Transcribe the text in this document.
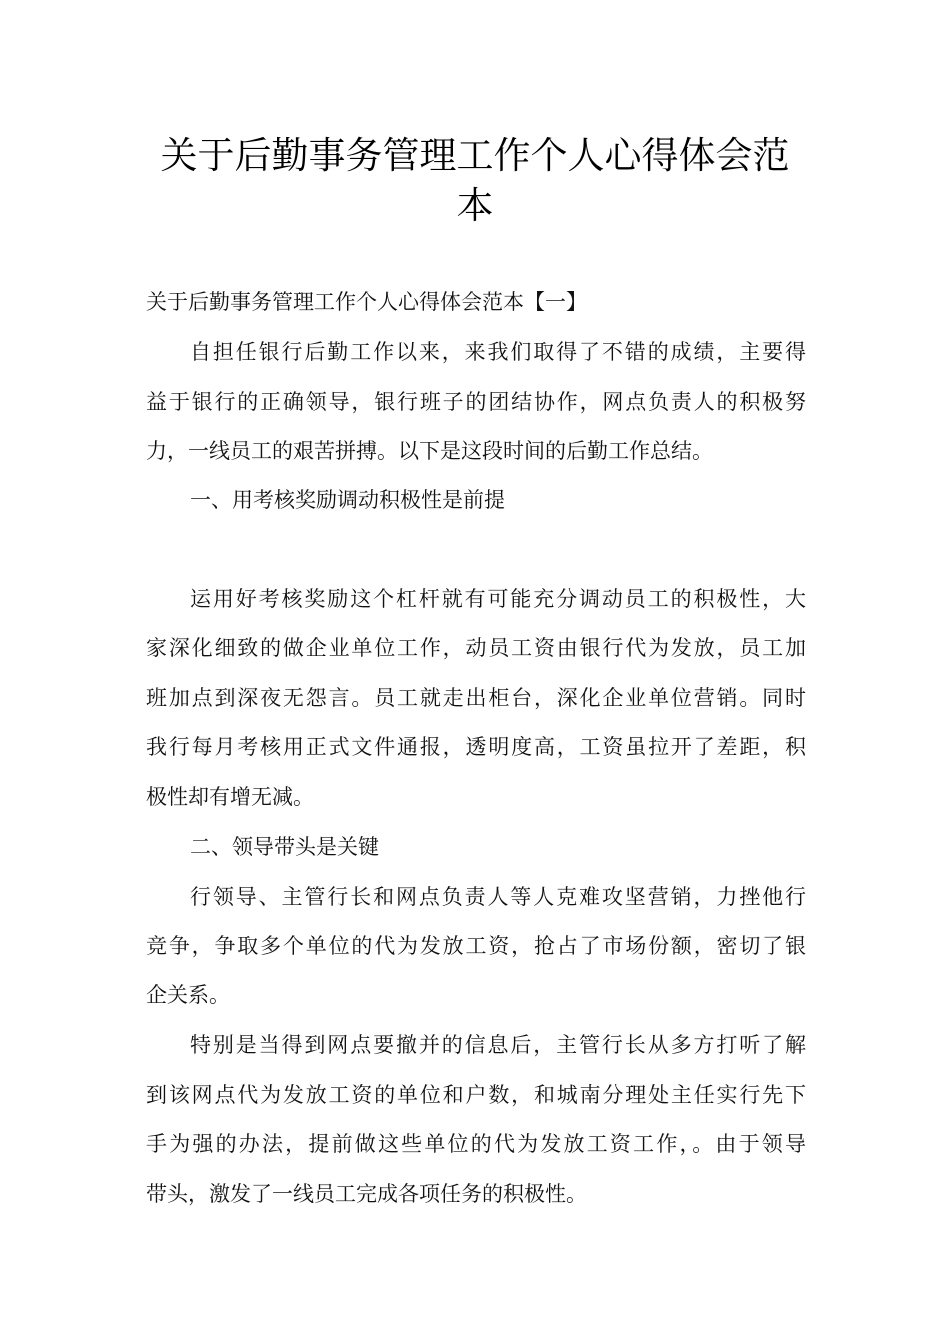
关于后勤事务管理工作个人心得体会范
本

关于后勤事务管理工作个人心得体会范本【一】

自担任银行后勤工作以来，来我们取得了不错的成绩，主要得

益于银行的正确领导，银行班子的团结协作，网点负责人的积极努

力，一线员工的艰苦拼搏。以下是这段时间的后勤工作总结。

一、用考核奖励调动积极性是前提

运用好考核奖励这个杠杆就有可能充分调动员工的积极性，大

家深化细致的做企业单位工作，动员工资由银行代为发放，员工加

班加点到深夜无怨言。员工就走出柜台，深化企业单位营销。同时

我行每月考核用正式文件通报，透明度高，工资虽拉开了差距，积

极性却有增无减。

二、领导带头是关键

行领导、主管行长和网点负责人等人克难攻坚营销，力挫他行

竞争，争取多个单位的代为发放工资，抢占了市场份额，密切了银

企关系。

特别是当得到网点要撤并的信息后，主管行长从多方打听了解

到该网点代为发放工资的单位和户数，和城南分理处主任实行先下

手为强的办法，提前做这些单位的代为发放工资工作，。由于领导

带头，激发了一线员工完成各项任务的积极性。
